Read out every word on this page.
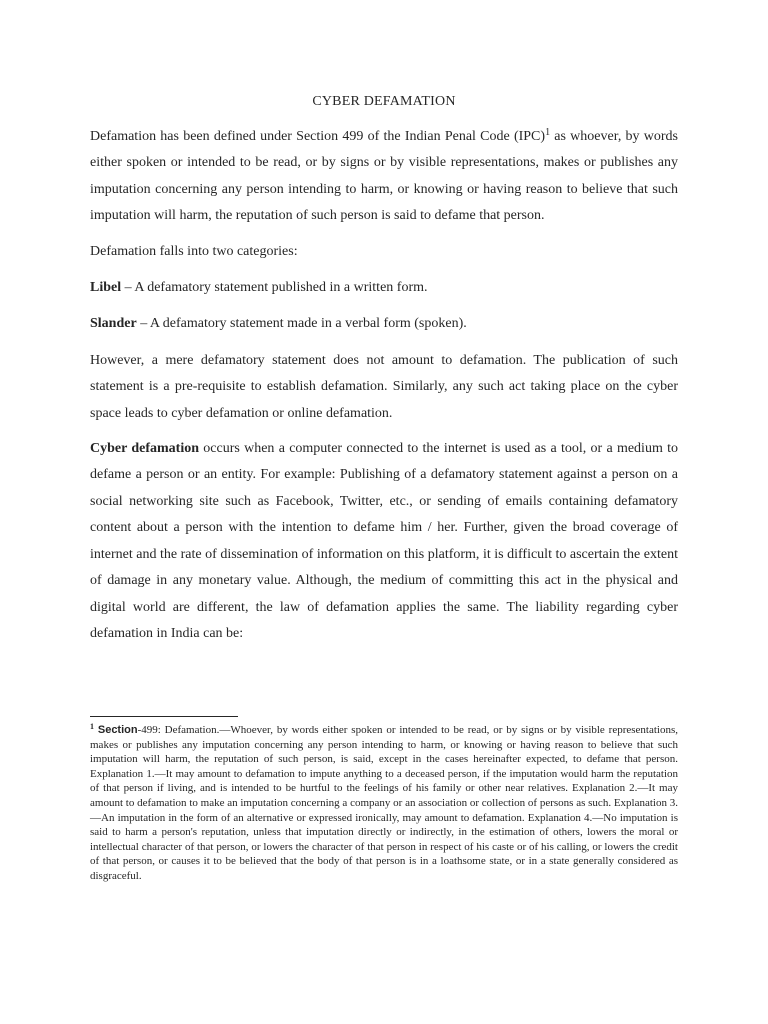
CYBER DEFAMATION

Defamation has been defined under Section 499 of the Indian Penal Code (IPC)$^1$ as whoever, by words either spoken or intended to be read, or by signs or by visible representations, makes or publishes any imputation concerning any person intending to harm, or knowing or having reason to believe that such imputation will harm, the reputation of such person is said to defame that person.

Defamation falls into two categories:

Libel – A defamatory statement published in a written form.

Slander – A defamatory statement made in a verbal form (spoken).

However, a mere defamatory statement does not amount to defamation. The publication of such statement is a pre-requisite to establish defamation. Similarly, any such act taking place on the cyber space leads to cyber defamation or online defamation.

Cyber defamation occurs when a computer connected to the internet is used as a tool, or a medium to defame a person or an entity. For example: Publishing of a defamatory statement against a person on a social networking site such as Facebook, Twitter, etc., or sending of emails containing defamatory content about a person with the intention to defame him / her. Further, given the broad coverage of internet and the rate of dissemination of information on this platform, it is difficult to ascertain the extent of damage in any monetary value. Although, the medium of committing this act in the physical and digital world are different, the law of defamation applies the same. The liability regarding cyber defamation in India can be:

$^1$ Section-499: Defamation.—Whoever, by words either spoken or intended to be read, or by signs or by visible representations, makes or publishes any imputation concerning any person intending to harm, or knowing or having reason to believe that such imputation will harm, the reputation of such person, is said, except in the cases hereinafter expected, to defame that person. Explanation 1.—It may amount to defamation to impute anything to a deceased person, if the imputation would harm the reputation of that person if living, and is intended to be hurtful to the feelings of his family or other near relatives. Explanation 2.—It may amount to defamation to make an imputation concerning a company or an association or collection of persons as such. Explanation 3.—An imputation in the form of an alternative or expressed ironically, may amount to defamation. Explanation 4.—No imputation is said to harm a person's reputation, unless that imputation directly or indirectly, in the estimation of others, lowers the moral or intellectual character of that person, or lowers the character of that person in respect of his caste or of his calling, or lowers the credit of that person, or causes it to be believed that the body of that person is in a loathsome state, or in a state generally considered as disgraceful.
